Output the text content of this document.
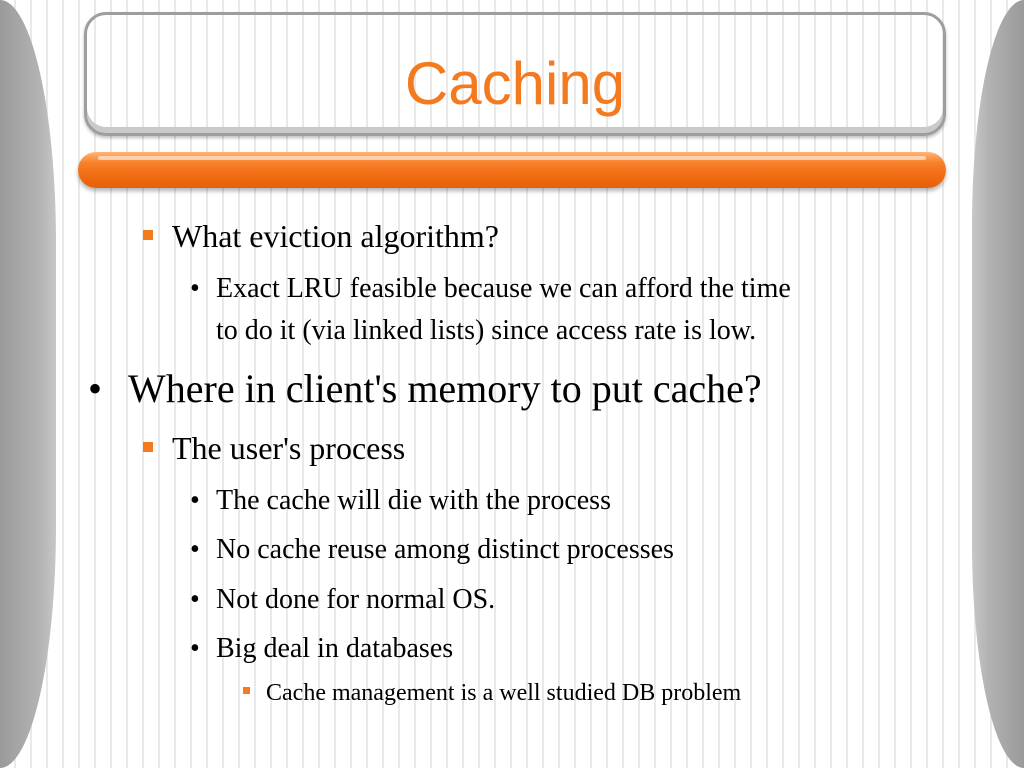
Caching
What eviction algorithm?
• Exact LRU feasible because we can afford the time
to do it (via linked lists) since access rate is low.
• Where in client's memory to put cache?
The user's process
• The cache will die with the process
• No cache reuse among distinct processes
• Not done for normal OS.
• Big deal in databases
Cache management is a well studied DB problem
